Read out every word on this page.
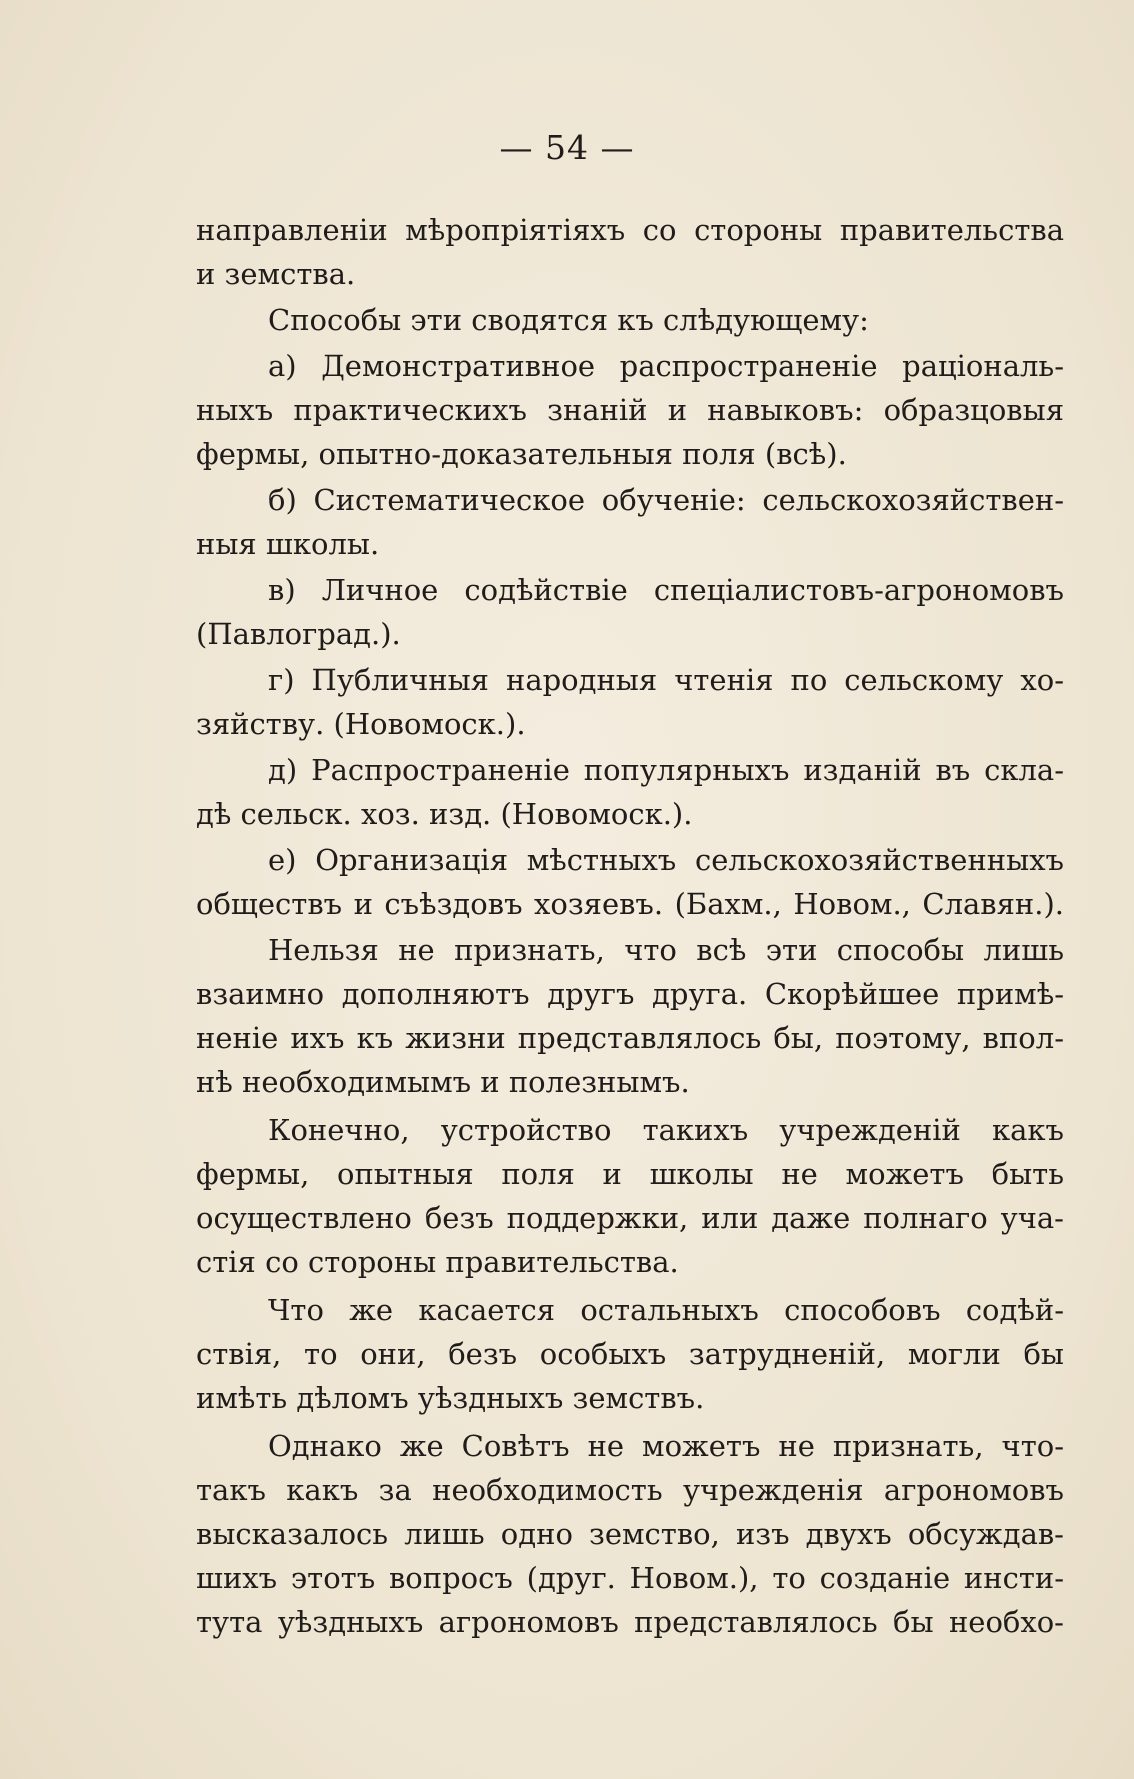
— 54 —
направленіи мѣропріятіяхъ со стороны правительства
и земства.
Способы эти сводятся къ слѣдующему:
а) Демонстративное распространеніе раціональ-
ныхъ практическихъ знаній и навыковъ: образцовыя
фермы, опытно-доказательныя поля (всѣ).
б) Систематическое обученіе: сельскохозяйствен-
ныя школы.
в) Личное содѣйствіе спеціалистовъ-агрономовъ
(Павлоград.).
г) Публичныя народныя чтенія по сельскому хо-
зяйству. (Новомоск.).
д) Распространеніе популярныхъ изданій въ скла-
дѣ сельск. хоз. изд. (Новомоск.).
е) Организація мѣстныхъ сельскохозяйственныхъ
обществъ и съѣздовъ хозяевъ. (Бахм., Новом., Славян.).
Нельзя не признать, что всѣ эти способы лишь
взаимно дополняютъ другъ друга. Скорѣйшее примѣ-
неніе ихъ къ жизни представлялось бы, поэтому, впол-
нѣ необходимымъ и полезнымъ.
Конечно, устройство такихъ учрежденій какъ
фермы, опытныя поля и школы не можетъ быть
осуществлено безъ поддержки, или даже полнаго уча-
стія со стороны правительства.
Что же касается остальныхъ способовъ содѣй-
ствія, то они, безъ особыхъ затрудненій, могли бы
имѣть дѣломъ уѣздныхъ земствъ.
Однако же Совѣтъ не можетъ не признать, что-
такъ какъ за необходимость учрежденія агрономовъ
высказалось лишь одно земство, изъ двухъ обсуждав-
шихъ этотъ вопросъ (друг. Новом.), то созданіе инсти-
тута уѣздныхъ агрономовъ представлялось бы необхо-
